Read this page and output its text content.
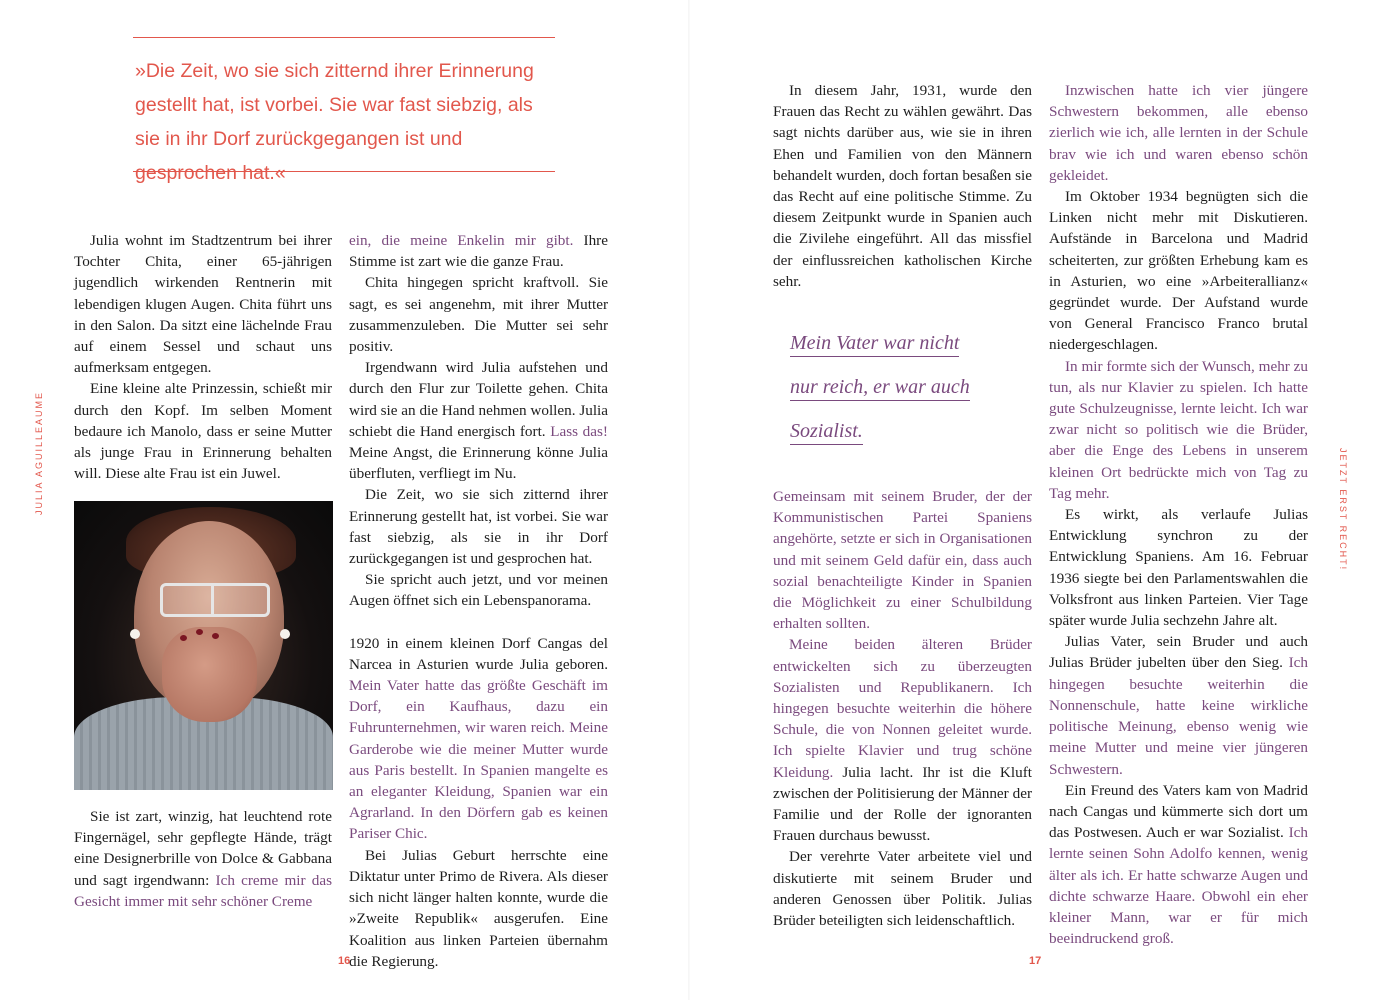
»Die Zeit, wo sie sich zitternd ihrer Erinnerung gestellt hat, ist vorbei. Sie war fast siebzig, als sie in ihr Dorf zurückgegangen ist und gesprochen hat.«
JULIA AGUILLEAUME

Julia wohnt im Stadtzentrum bei ihrer Tochter Chita, einer 65-jährigen jugendlich wirkenden Rentnerin mit lebendigen klugen Augen. Chita führt uns in den Salon. Da sitzt eine lächelnde Frau auf einem Sessel und schaut uns aufmerksam entgegen.

Eine kleine alte Prinzessin, schießt mir durch den Kopf. Im selben Moment bedaure ich Manolo, dass er seine Mutter als junge Frau in Erinnerung behalten will. Diese alte Frau ist ein Juwel.

Sie ist zart, winzig, hat leuchtend rote Fingernägel, sehr gepflegte Hände, trägt eine Designerbrille von Dolce & Gabbana und sagt irgendwann: Ich creme mir das Gesicht immer mit sehr schöner Creme

ein, die meine Enkelin mir gibt. Ihre Stimme ist zart wie die ganze Frau.

Chita hingegen spricht kraftvoll. Sie sagt, es sei angenehm, mit ihrer Mutter zusammenzuleben. Die Mutter sei sehr positiv.

Irgendwann wird Julia aufstehen und durch den Flur zur Toilette gehen. Chita wird sie an die Hand nehmen wollen. Julia schiebt die Hand energisch fort. Lass das! Meine Angst, die Erinnerung könne Julia überfluten, verfliegt im Nu.

Die Zeit, wo sie sich zitternd ihrer Erinnerung gestellt hat, ist vorbei. Sie war fast siebzig, als sie in ihr Dorf zurückgegangen ist und gesprochen hat.

Sie spricht auch jetzt, und vor meinen Augen öffnet sich ein Lebenspanorama.

1920 in einem kleinen Dorf Cangas del Narcea in Asturien wurde Julia geboren. Mein Vater hatte das größte Geschäft im Dorf, ein Kaufhaus, dazu ein Fuhrunternehmen, wir waren reich. Meine Garderobe wie die meiner Mutter wurde aus Paris bestellt. In Spanien mangelte es an eleganter Kleidung, Spanien war ein Agrarland. In den Dörfern gab es keinen Pariser Chic.

Bei Julias Geburt herrschte eine Diktatur unter Primo de Rivera. Als dieser sich nicht länger halten konnte, wurde die »Zweite Republik« ausgerufen. Eine Koalition aus linken Parteien übernahm die Regierung.

16

In diesem Jahr, 1931, wurde den Frauen das Recht zu wählen gewährt. Das sagt nichts darüber aus, wie sie in ihren Ehen und Familien von den Männern behandelt wurden, doch fortan besaßen sie das Recht auf eine politische Stimme. Zu diesem Zeitpunkt wurde in Spanien auch die Zivilehe eingeführt. All das missfiel der einflussreichen katholischen Kirche sehr.

Mein Vater war nicht
nur reich, er war auch
Sozialist.

Gemeinsam mit seinem Bruder, der der Kommunistischen Partei Spaniens angehörte, setzte er sich in Organisationen und mit seinem Geld dafür ein, dass auch sozial benachteiligte Kinder in Spanien die Möglichkeit zu einer Schulbildung erhalten sollten.

Meine beiden älteren Brüder entwickelten sich zu überzeugten Sozialisten und Republikanern. Ich hingegen besuchte weiterhin die höhere Schule, die von Nonnen geleitet wurde. Ich spielte Klavier und trug schöne Kleidung. Julia lacht. Ihr ist die Kluft zwischen der Politisierung der Männer der Familie und der Rolle der ignoranten Frauen durchaus bewusst.

Der verehrte Vater arbeitete viel und diskutierte mit seinem Bruder und anderen Genossen über Politik. Julias Brüder beteiligten sich leidenschaftlich.

Inzwischen hatte ich vier jüngere Schwestern bekommen, alle ebenso zierlich wie ich, alle lernten in der Schule brav wie ich und waren ebenso schön gekleidet.

Im Oktober 1934 begnügten sich die Linken nicht mehr mit Diskutieren. Aufstände in Barcelona und Madrid scheiterten, zur größten Erhebung kam es in Asturien, wo eine »Arbeiterallianz« gegründet wurde. Der Aufstand wurde von General Francisco Franco brutal niedergeschlagen.

In mir formte sich der Wunsch, mehr zu tun, als nur Klavier zu spielen. Ich hatte gute Schulzeugnisse, lernte leicht. Ich war zwar nicht so politisch wie die Brüder, aber die Enge des Lebens in unserem kleinen Ort bedrückte mich von Tag zu Tag mehr.

Es wirkt, als verlaufe Julias Entwicklung synchron zu der Entwicklung Spaniens. Am 16. Februar 1936 siegte bei den Parlamentswahlen die Volksfront aus linken Parteien. Vier Tage später wurde Julia sechzehn Jahre alt.

Julias Vater, sein Bruder und auch Julias Brüder jubelten über den Sieg. Ich hingegen besuchte weiterhin die Nonnenschule, hatte keine wirkliche politische Meinung, ebenso wenig wie meine Mutter und meine vier jüngeren Schwestern.

Ein Freund des Vaters kam von Madrid nach Cangas und kümmerte sich dort um das Postwesen. Auch er war Sozialist. Ich lernte seinen Sohn Adolfo kennen, wenig älter als ich. Er hatte schwarze Augen und dichte schwarze Haare. Obwohl ein eher kleiner Mann, war er für mich beeindruckend groß.

JETZT ERST RECHT!
17
